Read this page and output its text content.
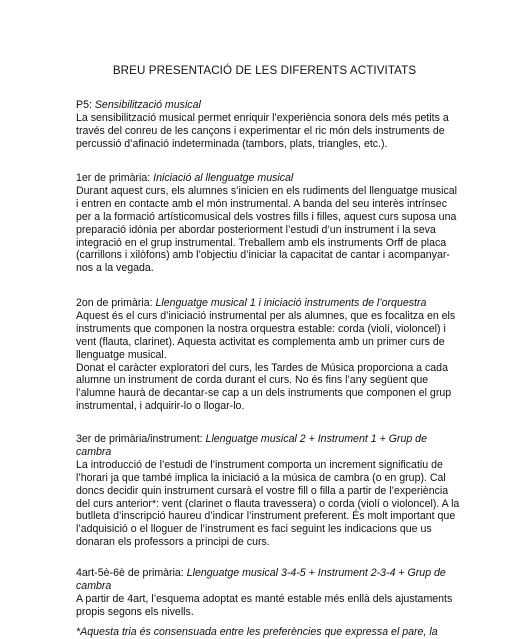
BREU PRESENTACIÓ DE LES DIFERENTS ACTIVITATS
P5: Sensibilització musical

La sensibilització musical permet enriquir l’experiència sonora dels més petits a través del conreu de les cançons i experimentar el ric món dels instruments de percussió d’afinació indeterminada (tambors, plats, triangles, etc.).

1er de primària: Iniciació al llenguatge musical

Durant aquest curs, els alumnes s’inicien en els rudiments del llenguatge musical i entren en contacte amb el món instrumental. A banda del seu interès intrínsec per a la formació artísticomusical dels vostres fills i filles, aquest curs suposa una preparació idònia per abordar posteriorment l’estudi d’un instrument i la seva integració en el grup instrumental. Treballem amb els instruments Orff de placa (carrillons i xilòfons) amb l’objectiu d’iniciar la capacitat de cantar i acompanyar-nos a la vegada.

2on de primària: Llenguatge musical 1 i iniciació instruments de l’orquestra

Aquest és el curs d’iniciació instrumental per als alumnes, que es focalitza en els instruments que componen la nostra orquestra estable: corda (violí, violoncel) i vent (flauta, clarinet). Aquesta activitat es complementa amb un primer curs de llenguatge musical.

Donat el caràcter exploratori del curs, les Tardes de Música proporciona a cada alumne un instrument de corda durant el curs. No és fins l’any següent que l’alumne haurà de decantar-se cap a un dels instruments que componen el grup instrumental, i adquirir-lo o llogar-lo.

3er de primària/instrument: Llenguatge musical 2 + Instrument 1 + Grup de cambra

La introducció de l’estudi de l’instrument comporta un increment significatiu de l’horari ja que també implica la iniciació a la música de cambra (o en grup). Cal doncs decidir quin instrument cursarà el vostre fill o filla a partir de l’experiència del curs anterior*: vent (clarinet o flauta travessera) o corda (violí o violoncel). A la butlleta d’inscripció haureu d’indicar l’instrument preferent. És molt important que l’adquisició o el lloguer de l’instrument es faci seguint les indicacions que us donaran els professors a principi de curs.

4art-5è-6è de primària: Llenguatge musical 3-4-5 + Instrument 2-3-4 + Grup de cambra

A partir de 4art, l’esquema adoptat es manté estable més enllà dels ajustaments propis segons els nivells.

*Aquesta tria és consensuada entre les preferències que expressa el pare, la
